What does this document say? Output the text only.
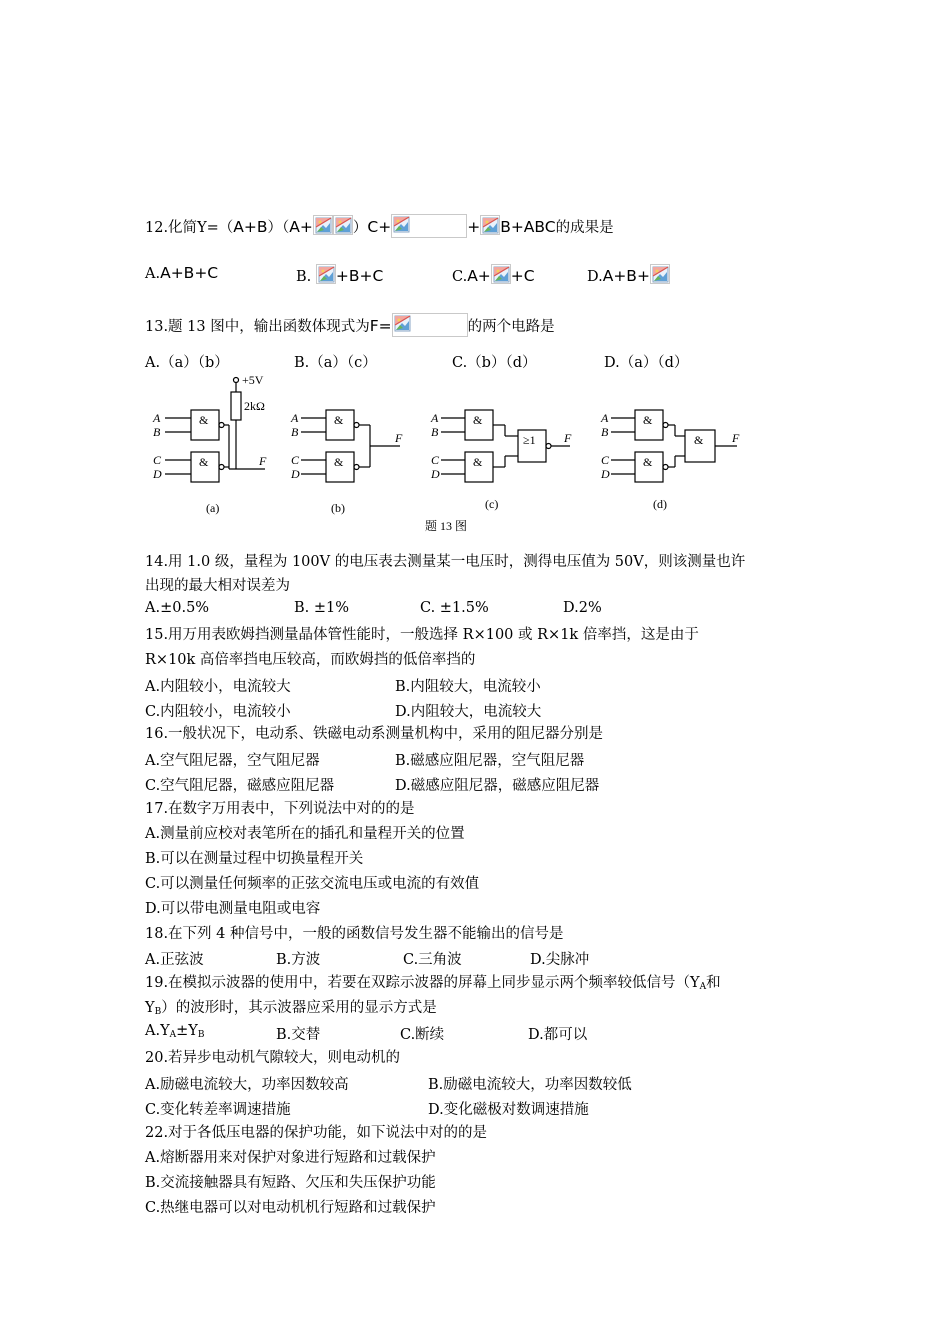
12.化简Y=（A+B）（A+	）C+	+ B+ABC的成果是
A.A+B+C	B. +B+C	C.A+ +C	D.A+B+
13.题 13 图中，输出函数体现式为F=	的两个电路是
A.（a）（b）	B.（a）（c）	C.（b）（d）	D.（a）（d）
+5V
2kΩ
A
B
C
D
A
B
C
D
A
B
C
D
A
B
C
D
&
&
&
&
&
&
≥1
&
&
&
F
F	F	F
(a)	(b)	(c)	(d)
题 13 图
14.用 1.0 级，量程为 100V 的电压表去测量某一电压时，测得电压值为 50V，则该测量也许
出现的最大相对误差为
A.±0.5%	B. ±1%	C. ±1.5%	D.2%
15.用万用表欧姆挡测量晶体管性能时，一般选择 R×100 或 R×1k 倍率挡，这是由于
R×10k 高倍率挡电压较高，而欧姆挡的低倍率挡的
A.内阻较小，电流较大	B.内阻较大，电流较小
C.内阻较小，电流较小	D.内阻较大，电流较大
16.一般状况下，电动系、铁磁电动系测量机构中，采用的阻尼器分别是
A.空气阻尼器，空气阻尼器	B.磁感应阻尼器，空气阻尼器
C.空气阻尼器，磁感应阻尼器	D.磁感应阻尼器，磁感应阻尼器
17.在数字万用表中，下列说法中对的的是
A.测量前应校对表笔所在的插孔和量程开关的位置
B.可以在测量过程中切换量程开关
C.可以测量任何频率的正弦交流电压或电流的有效值
D.可以带电测量电阻或电容
18.在下列 4 种信号中，一般的函数信号发生器不能输出的信号是
A.正弦波	B.方波	C.三角波	D.尖脉冲
19.在模拟示波器的使用中，若要在双踪示波器的屏幕上同步显示两个频率较低信号（$Y_A$和
$Y_B$）的波形时，其示波器应采用的显示方式是
$A.Y_A\pm Y_B$	B.交替	C.断续	D.都可以
20.若异步电动机气隙较大，则电动机的
A.励磁电流较大，功率因数较高	B.励磁电流较大，功率因数较低
C.变化转差率调速措施	D.变化磁极对数调速措施
22.对于各低压电器的保护功能，如下说法中对的的是
A.熔断器用来对保护对象进行短路和过载保护
B.交流接触器具有短路、欠压和失压保护功能
C.热继电器可以对电动机机行短路和过载保护
